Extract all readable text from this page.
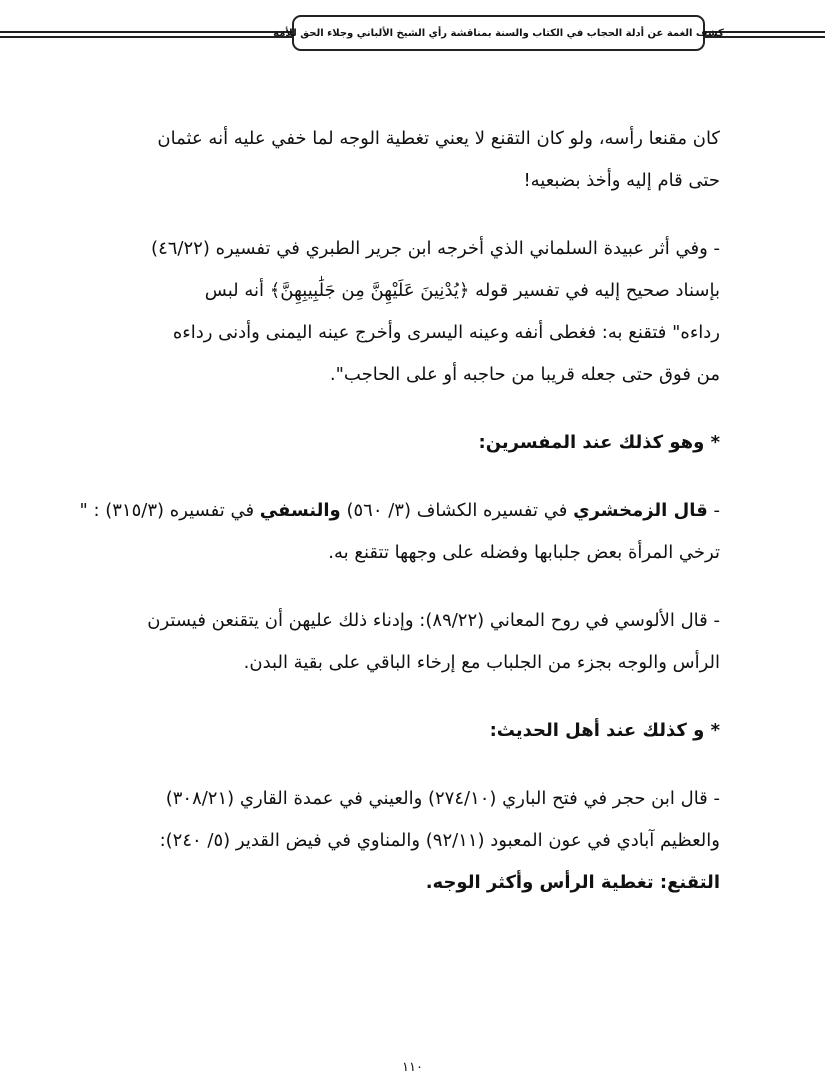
كشف الغمة عن أدلة الحجاب في الكتاب والسنة بمناقشة رأي الشيخ الألباني وجلاء الحق للأمة
كان مقنعا رأسه، ولو كان التقنع لا يعني تغطية الوجه لما خفي عليه أنه عثمان
حتى قام إليه وأخذ بضبعيه!
- وفي أثر عبيدة السلماني الذي أخرجه ابن جرير الطبري في تفسيره (٤٦/٢٢)
بإسناد صحيح إليه في تفسير قوله ﴿يُدْنِينَ عَلَيْهِنَّ مِن جَلَٰبِيبِهِنَّ﴾ أنه لبس
رداءه" فتقنع به: فغطى أنفه وعينه اليسرى وأخرج عينه اليمنى وأدنى رداءه
من فوق حتى جعله قريبا من حاجبه أو على الحاجب".
* وهو كذلك عند المفسرين:
- قال الزمخشري في تفسيره الكشاف (٣/ ٥٦٠) والنسفي في تفسيره (٣١٥/٣) : "
ترخي المرأة بعض جلبابها وفضله على وجهها تتقنع به.
- قال الألوسي في روح المعاني (٨٩/٢٢): وإدناء ذلك عليهن أن يتقنعن فيسترن
الرأس والوجه بجزء من الجلباب مع إرخاء الباقي على بقية البدن.
* و كذلك عند أهل الحديث:
- قال ابن حجر في فتح الباري (٢٧٤/١٠) والعيني في عمدة القاري (٣٠٨/٢١)
والعظيم آبادي في عون المعبود (٩٢/١١) والمناوي في فيض القدير (٥/ ٢٤٠):
التقنع: تغطية الرأس وأكثر الوجه.
١١٠
